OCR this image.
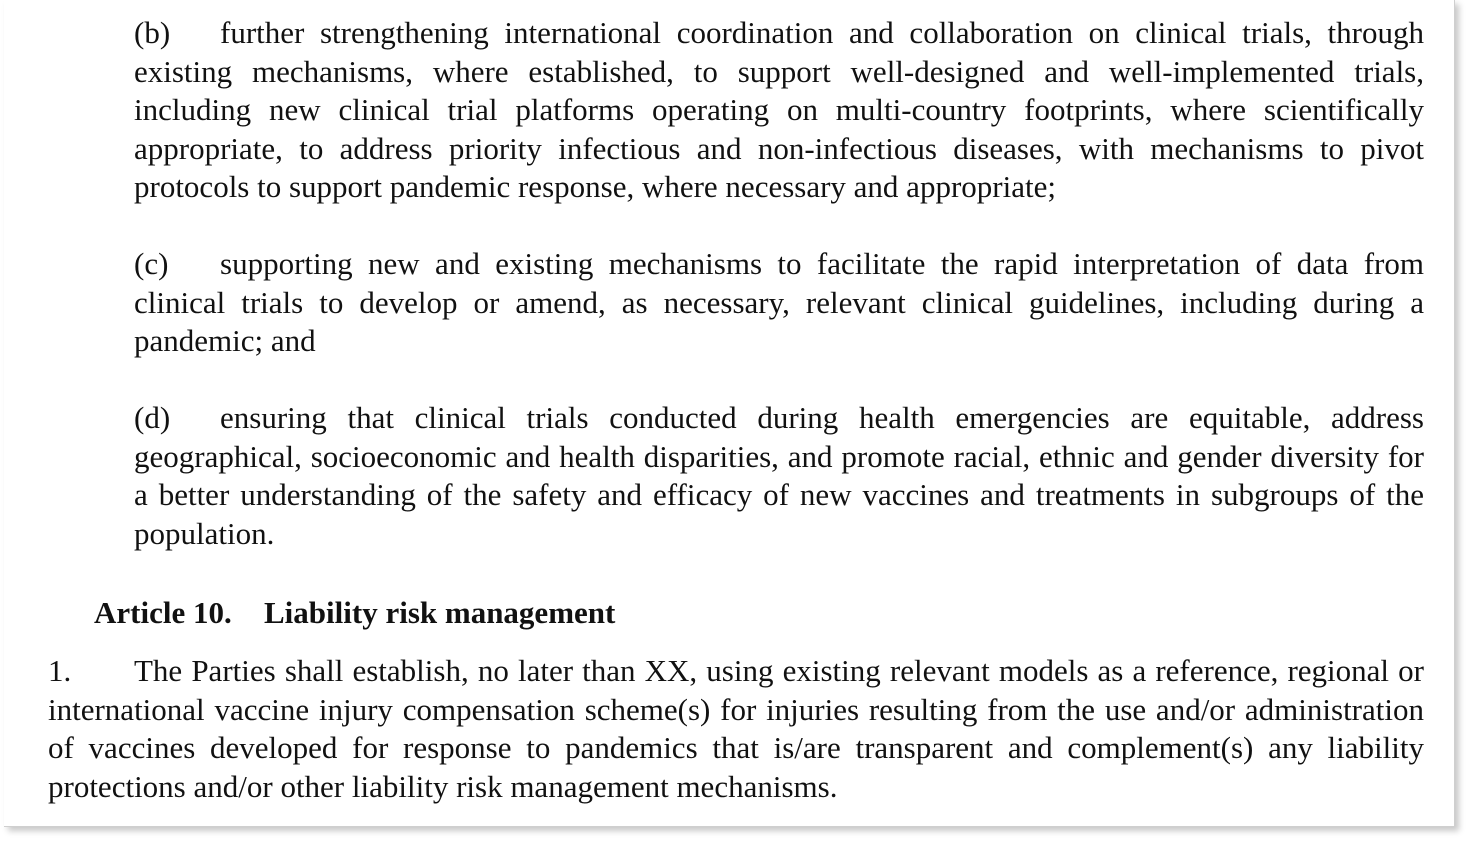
(b) further strengthening international coordination and collaboration on clinical trials, through existing mechanisms, where established, to support well-designed and well-implemented trials, including new clinical trial platforms operating on multi-country footprints, where scientifically appropriate, to address priority infectious and non-infectious diseases, with mechanisms to pivot protocols to support pandemic response, where necessary and appropriate;

(c) supporting new and existing mechanisms to facilitate the rapid interpretation of data from clinical trials to develop or amend, as necessary, relevant clinical guidelines, including during a pandemic; and

(d) ensuring that clinical trials conducted during health emergencies are equitable, address geographical, socioeconomic and health disparities, and promote racial, ethnic and gender diversity for a better understanding of the safety and efficacy of new vaccines and treatments in subgroups of the population.

Article 10. Liability risk management

1. The Parties shall establish, no later than XX, using existing relevant models as a reference, regional or international vaccine injury compensation scheme(s) for injuries resulting from the use and/or administration of vaccines developed for response to pandemics that is/are transparent and complement(s) any liability protections and/or other liability risk management mechanisms.
